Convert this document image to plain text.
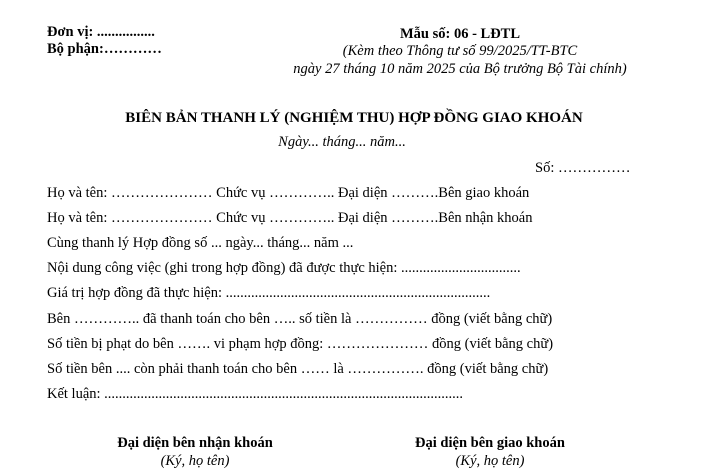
Đơn vị: ................
Bộ phận:…………
Mẫu số: 06 - LĐTL
(Kèm theo Thông tư số 99/2025/TT-BTC
ngày 27 tháng 10 năm 2025 của Bộ trưởng Bộ Tài chính)
BIÊN BẢN THANH LÝ (NGHIỆM THU) HỢP ĐỒNG GIAO KHOÁN
Ngày... tháng... năm...
Số: ……………
Họ và tên: ………………… Chức vụ ………….. Đại diện ……….Bên giao khoán
Họ và tên: ………………… Chức vụ ………….. Đại diện ……….Bên nhận khoán
Cùng thanh lý Hợp đồng số ... ngày... tháng... năm ...
Nội dung công việc (ghi trong hợp đồng) đã được thực hiện: .................................
Giá trị hợp đồng đã thực hiện: .........................................................................
Bên ………….. đã thanh toán cho bên ….. số tiền là …………… đồng (viết bằng chữ)
Số tiền bị phạt do bên ……. vi phạm hợp đồng: ………………… đồng (viết bằng chữ)
Số tiền bên .... còn phải thanh toán cho bên …… là ……………. đồng (viết bằng chữ)
Kết luận: ...................................................................................................
Đại diện bên nhận khoán
(Ký, họ tên)
Đại diện bên giao khoán
(Ký, họ tên)
